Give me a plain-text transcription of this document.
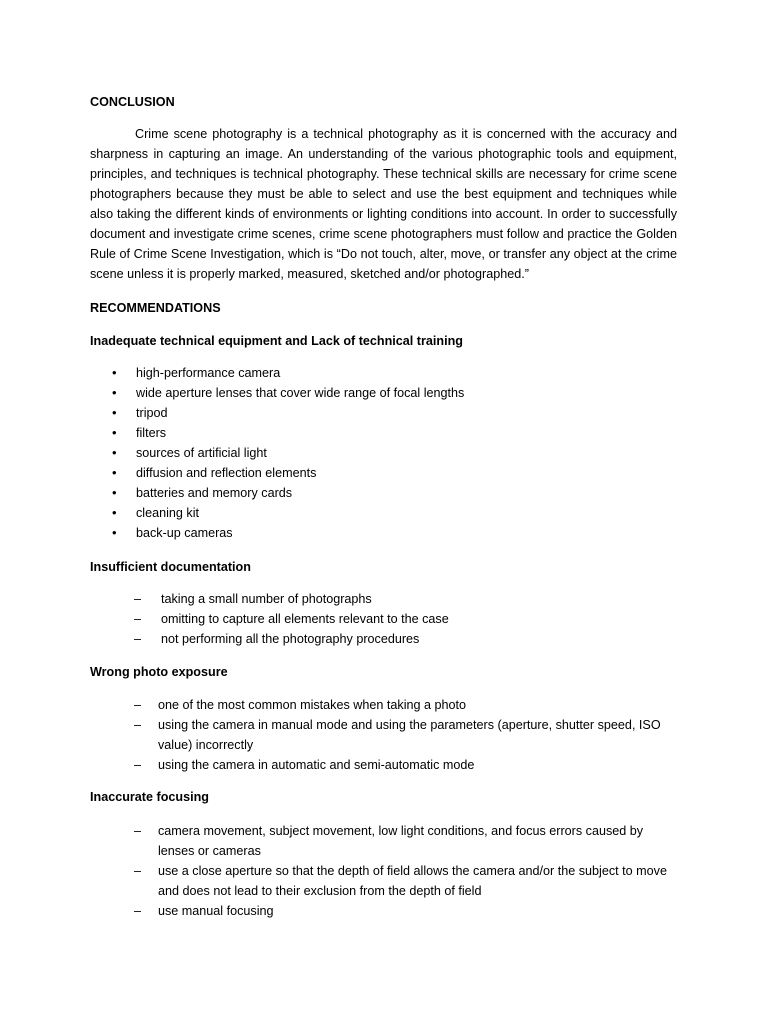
CONCLUSION
Crime scene photography is a technical photography as it is concerned with the accuracy and sharpness in capturing an image. An understanding of the various photographic tools and equipment, principles, and techniques is technical photography. These technical skills are necessary for crime scene photographers because they must be able to select and use the best equipment and techniques while also taking the different kinds of environments or lighting conditions into account. In order to successfully document and investigate crime scenes, crime scene photographers must follow and practice the Golden Rule of Crime Scene Investigation, which is “Do not touch, alter, move, or transfer any object at the crime scene unless it is properly marked, measured, sketched and/or photographed.”
RECOMMENDATIONS
Inadequate technical equipment and Lack of technical training
• high-performance camera
• wide aperture lenses that cover wide range of focal lengths
• tripod
• filters
• sources of artificial light
• diffusion and reflection elements
• batteries and memory cards
• cleaning kit
• back-up cameras
Insufficient documentation
– taking a small number of photographs
– omitting to capture all elements relevant to the case
– not performing all the photography procedures
Wrong photo exposure
– one of the most common mistakes when taking a photo
– using the camera in manual mode and using the parameters (aperture, shutter speed, ISO value) incorrectly
– using the camera in automatic and semi-automatic mode
Inaccurate focusing
– camera movement, subject movement, low light conditions, and focus errors caused by lenses or cameras
– use a close aperture so that the depth of field allows the camera and/or the subject to move and does not lead to their exclusion from the depth of field
– use manual focusing
